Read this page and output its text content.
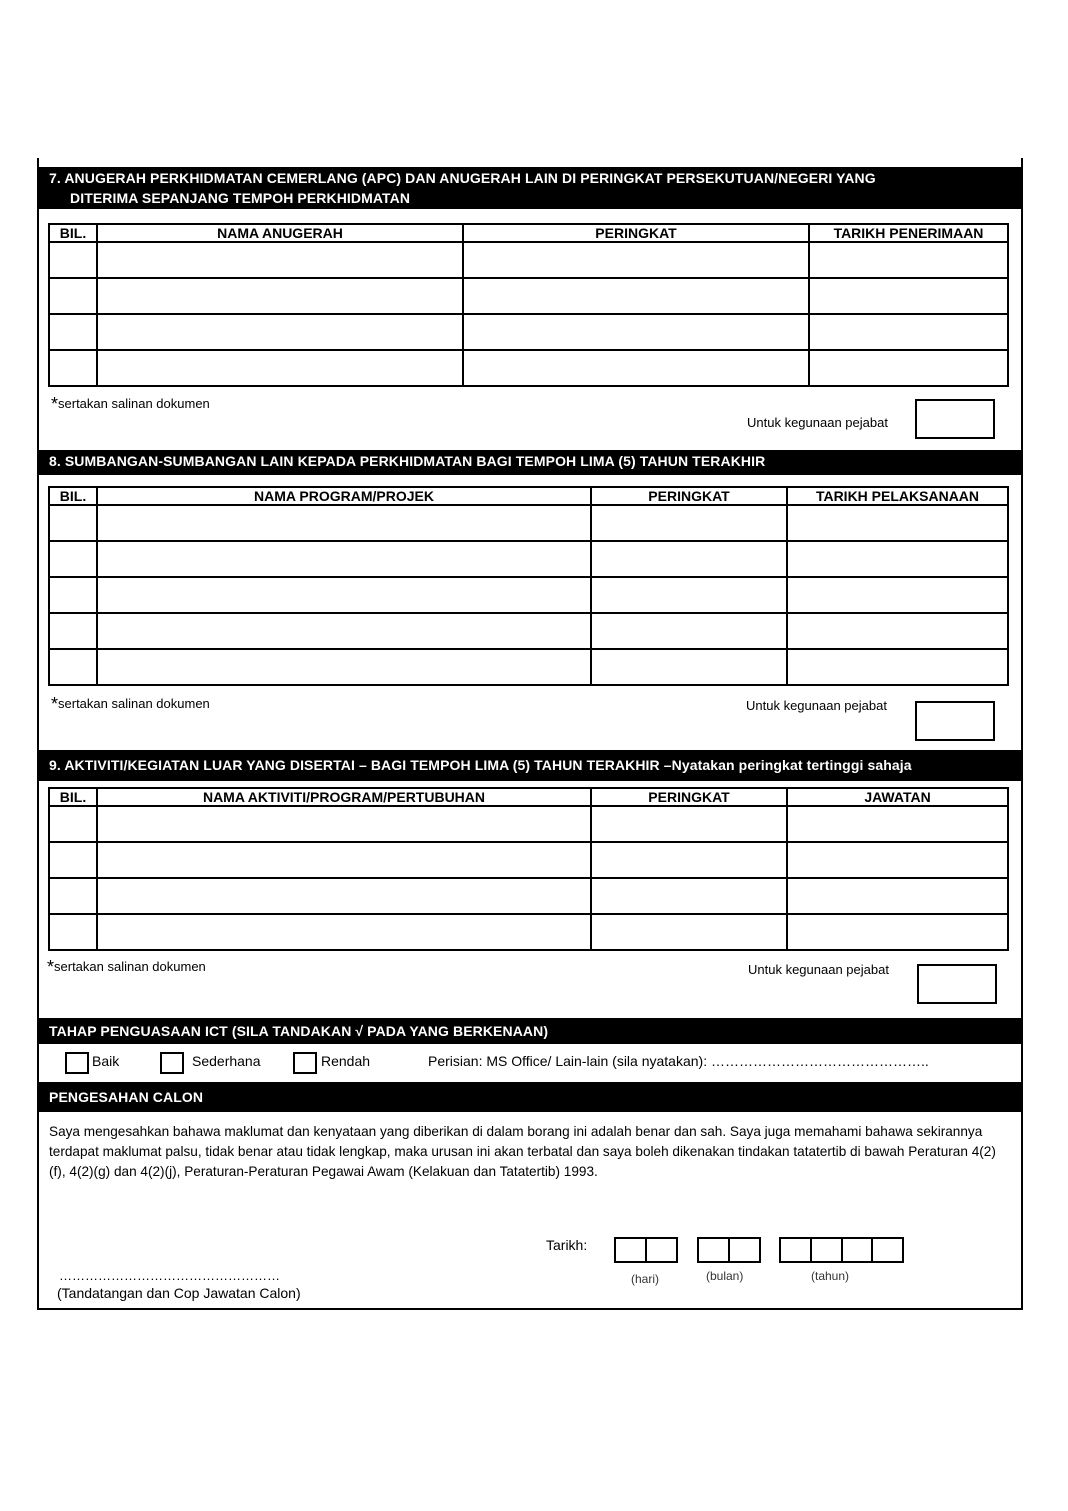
7. ANUGERAH PERKHIDMATAN CEMERLANG (APC) DAN ANUGERAH LAIN DI PERINGKAT PERSEKUTUAN/NEGERI YANG
DITERIMA SEPANJANG TEMPOH PERKHIDMATAN
BIL.	NAMA ANUGERAH	PERINGKAT	TARIKH PENERIMAAN

*sertakan salinan dokumen
Untuk kegunaan pejabat
8. SUMBANGAN-SUMBANGAN LAIN KEPADA PERKHIDMATAN BAGI TEMPOH LIMA (5) TAHUN TERAKHIR
BIL.	NAMA PROGRAM/PROJEK	PERINGKAT	TARIKH PELAKSANAAN

*sertakan salinan dokumen	Untuk kegunaan pejabat
9. AKTIVITI/KEGIATAN LUAR YANG DISERTAI – BAGI TEMPOH LIMA (5) TAHUN TERAKHIR –Nyatakan peringkat tertinggi sahaja
BIL.	NAMA AKTIVITI/PROGRAM/PERTUBUHAN	PERINGKAT	JAWATAN

*sertakan salinan dokumen	Untuk kegunaan pejabat
TAHAP PENGUASAAN ICT (SILA TANDAKAN √ PADA YANG BERKENAAN)
Baik	Sederhana	Rendah	Perisian: MS Office/ Lain-lain (sila nyatakan): ………………………………………..
PENGESAHAN CALON
Saya mengesahkan bahawa maklumat dan kenyataan yang diberikan di dalam borang ini adalah benar dan sah. Saya juga memahami bahawa sekirannya terdapat maklumat palsu, tidak benar atau tidak lengkap, maka urusan ini akan terbatal dan saya boleh dikenakan tindakan tatatertib di bawah Peraturan 4(2)(f), 4(2)(g) dan 4(2)(j), Peraturan-Peraturan Pegawai Awam (Kelakuan dan Tatatertib) 1993.
Tarikh:
(hari)	(bulan)	(tahun)
……………………………………………
(Tandatangan dan Cop Jawatan Calon)
